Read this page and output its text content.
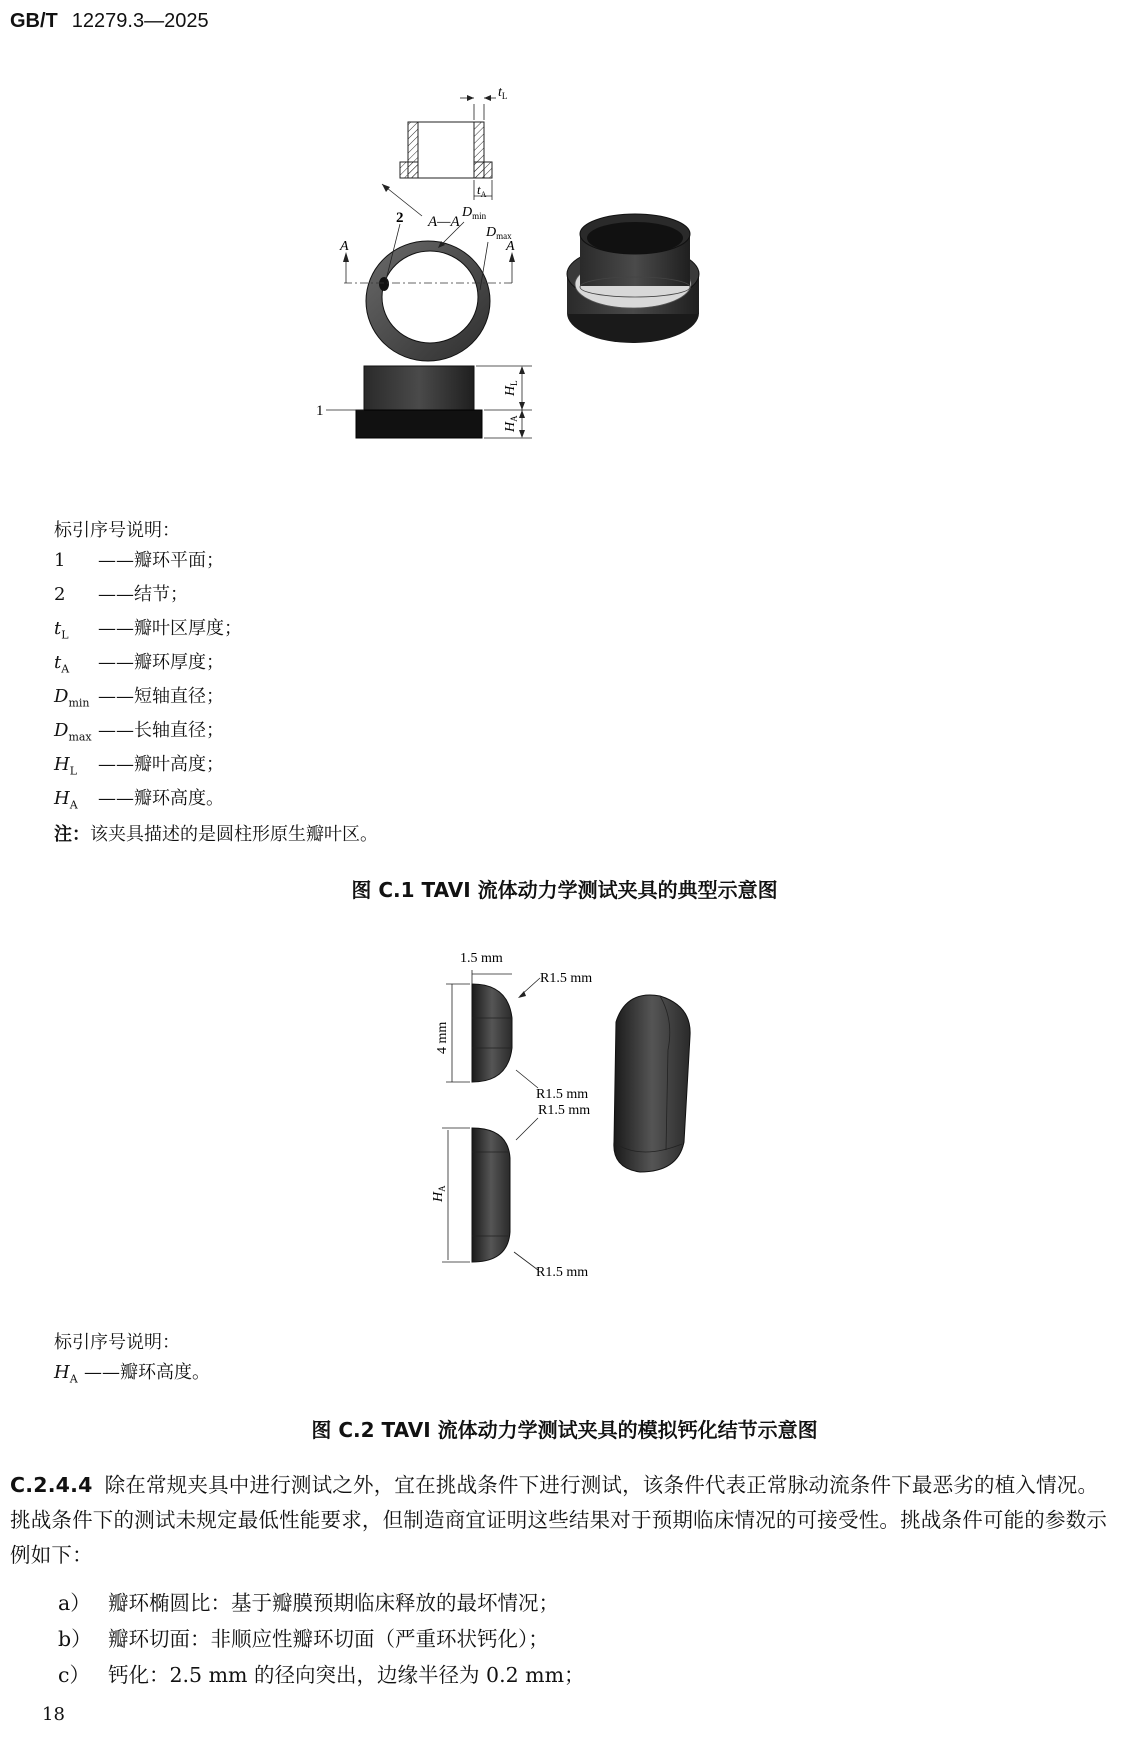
GB/T 12279.3—2025
$t_L$
$t_A$
A—A
A	A
2	$D_{min}$
$D_{max}$
1
$H_L$
$H_A$
标引序号说明：
1 ——瓣环平面；
2 ——结节；
$t_L$ ——瓣叶区厚度；
$t_A$ ——瓣环厚度；
$D_{min}$ ——短轴直径；
$D_{max}$ ——长轴直径；
$H_L$ ——瓣叶高度；
$H_A$ ——瓣环高度。
注：该夹具描述的是圆柱形原生瓣叶区。
图 C.1 TAVI 流体动力学测试夹具的典型示意图
1.5 mm
R1.5 mm
4 mm
R1.5 mm
R1.5 mm
$H_A$
R1.5 mm
标引序号说明：
$H_A$ ——瓣环高度。
图 C.2 TAVI 流体动力学测试夹具的模拟钙化结节示意图
C.2.4.4 除在常规夹具中进行测试之外，宜在挑战条件下进行测试，该条件代表正常脉动流条件下最恶劣的植入情况。挑战条件下的测试未规定最低性能要求，但制造商宜证明这些结果对于预期临床情况的可接受性。挑战条件可能的参数示例如下：
a） 瓣环椭圆比：基于瓣膜预期临床释放的最坏情况；
b） 瓣环切面：非顺应性瓣环切面（严重环状钙化）；
c） 钙化：2.5 mm 的径向突出，边缘半径为 0.2 mm；
18
